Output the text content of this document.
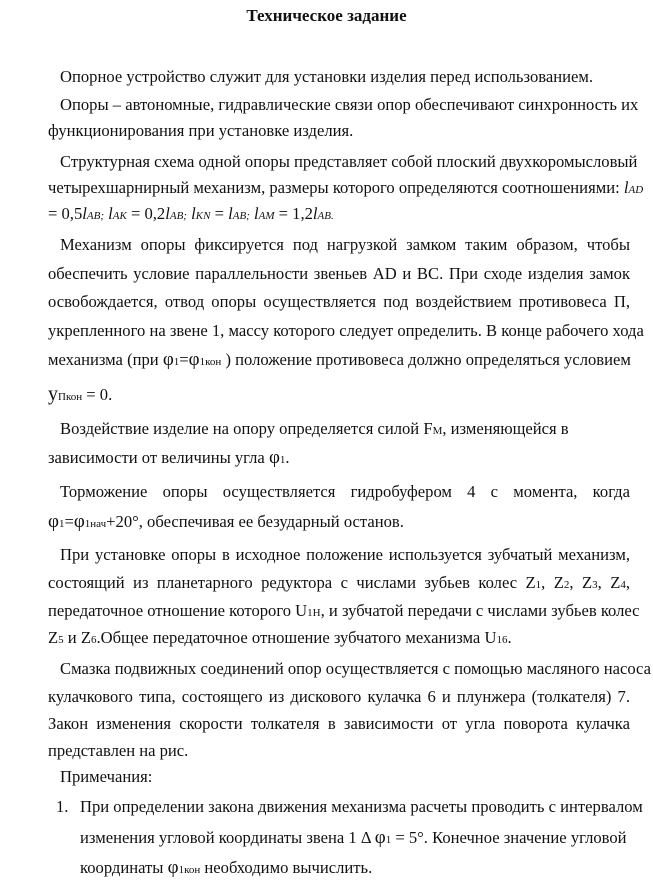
Техническое задание
Опорное устройство служит для установки изделия перед использованием.
Опоры – автономные, гидравлические связи опор обеспечивают синхронность их
функционирования при установке изделия.
Структурная схема одной опоры представляет собой плоский двухкоромысловый
четырехшарнирный механизм, размеры которого определяются соотношениями: lAD
= 0,5lAB; lAK = 0,2lAB; lKN = lAB; lAM = 1,2lAB.
Механизм опоры фиксируется под нагрузкой замком таким образом, чтобы
обеспечить условие параллельности звеньев AD и BC. При сходе изделия замок
освобождается, отвод опоры осуществляется под воздействием противовеса П,
укрепленного на звене 1, массу которого следует определить. В конце рабочего хода
механизма (при φ1=φ1кон ) положение противовеса должно определяться условием
yПкон = 0.
Воздействие изделие на опору определяется силой FМ, изменяющейся в
зависимости от величины угла φ1.
Торможение опоры осуществляется гидробуфером 4 с момента, когда
φ1=φ1нач+20°, обеспечивая ее безударный останов.
При установке опоры в исходное положение используется зубчатый механизм,
состоящий из планетарного редуктора с числами зубьев колес Z1, Z2, Z3, Z4,
передаточное отношение которого U1H, и зубчатой передачи с числами зубьев колес
Z5 и Z6.Общее передаточное отношение зубчатого механизма U16.
Смазка подвижных соединений опор осуществляется с помощью масляного насоса
кулачкового типа, состоящего из дискового кулачка 6 и плунжера (толкателя) 7.
Закон изменения скорости толкателя в зависимости от угла поворота кулачка
представлен на рис.
Примечания:
1. При определении закона движения механизма расчеты проводить с интервалом
изменения угловой координаты звена 1 Δ φ1 = 5°. Конечное значение угловой
координаты φ1кон необходимо вычислить.
